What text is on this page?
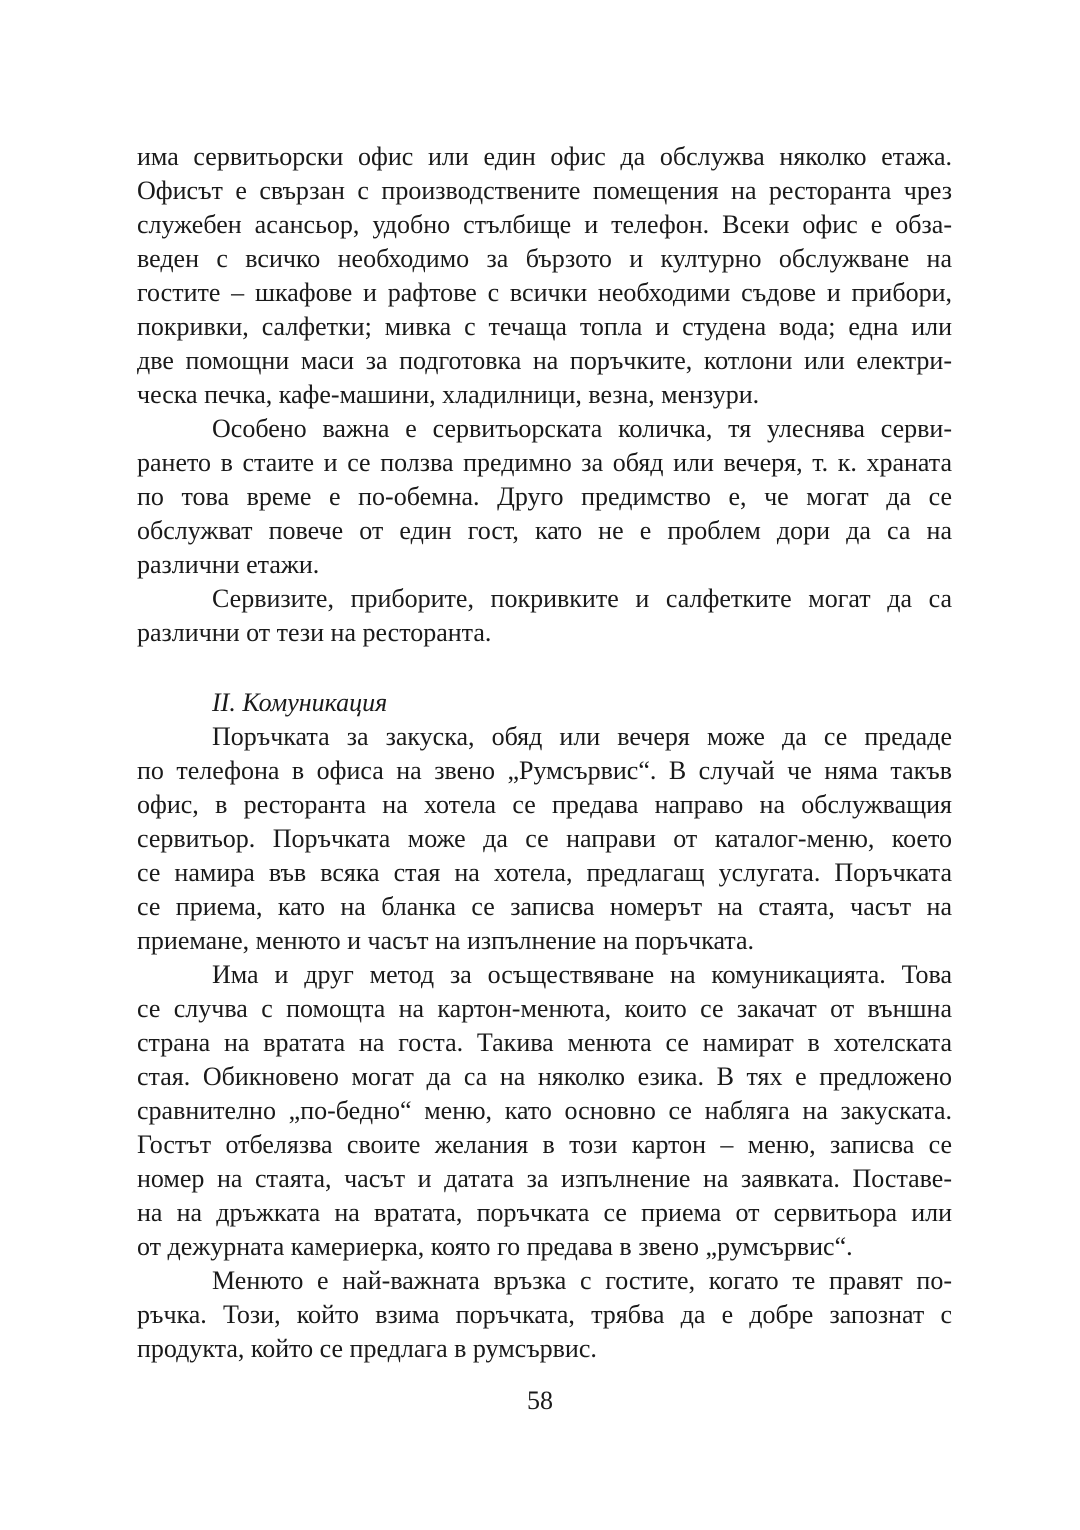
има сервитьорски офис или един офис да обслужва няколко етажа.
Офисът е свързан с производствените помещения на ресторанта чрез
служебен асансьор, удобно стълбище и телефон. Всеки офис е обза-
веден с всичко необходимо за бързото и културно обслужване на
гостите – шкафове и рафтове с всички необходими съдове и прибори,
покривки, салфетки; мивка с течаща топла и студена вода; една или
две помощни маси за подготовка на поръчките, котлони или електри-
ческа печка, кафе-машини, хладилници, везна, мензури.
Особено важна е сервитьорската количка, тя улеснява серви-
рането в стаите и се ползва предимно за обяд или вечеря, т. к. храната
по това време е по-обемна. Друго предимство е, че могат да се
обслужват повече от един гост, като не е проблем дори да са на
различни етажи.
Сервизите, приборите, покривките и салфетките могат да са
различни от тези на ресторанта.
II. Комуникация
Поръчката за закуска, обяд или вечеря може да се предаде
по телефона в офиса на звено „Румсървис“. В случай че няма такъв
офис, в ресторанта на хотела се предава направо на обслужващия
сервитьор. Поръчката може да се направи от каталог-меню, което
се намира във всяка стая на хотела, предлагащ услугата. Поръчката
се приема, като на бланка се записва номерът на стаята, часът на
приемане, менюто и часът на изпълнение на поръчката.
Има и друг метод за осъществяване на комуникацията. Това
се случва с помощта на картон-менюта, които се закачат от външна
страна на вратата на госта. Такива менюта се намират в хотелската
стая. Обикновено могат да са на няколко езика. В тях е предложено
сравнително „по-бедно“ меню, като основно се набляга на закуската.
Гостът отбелязва своите желания в този картон – меню, записва се
номер на стаята, часът и датата за изпълнение на заявката. Поставе-
на на дръжката на вратата, поръчката се приема от сервитьора или
от дежурната камериерка, която го предава в звено „румсървис“.
Менюто е най-важната връзка с гостите, когато те правят по-
ръчка. Този, който взима поръчката, трябва да е добре запознат с
продукта, който се предлага в румсървис.
58
